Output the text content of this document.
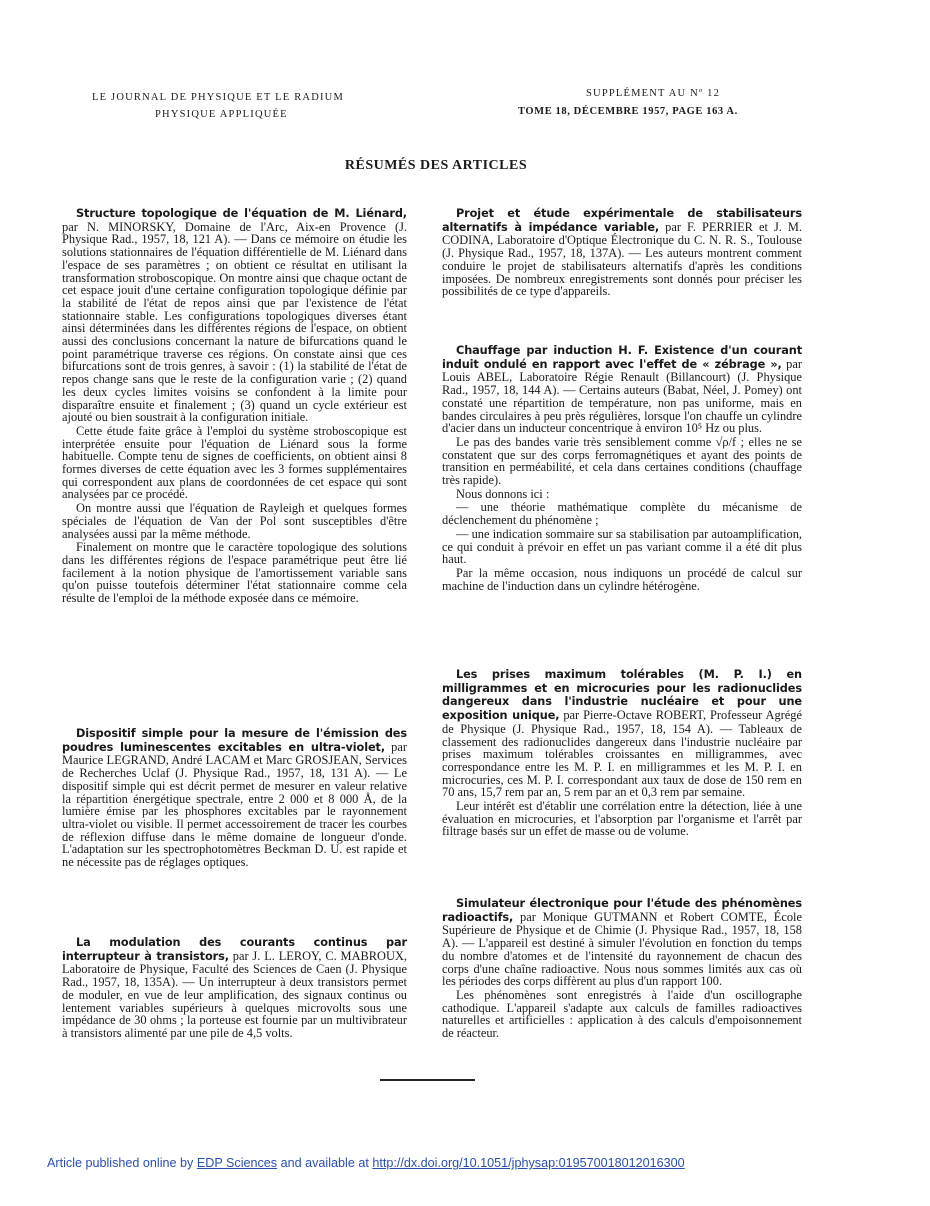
LE JOURNAL DE PHYSIQUE ET LE RADIUM
PHYSIQUE APPLIQUÉE
SUPPLÉMENT AU Nº 12
TOME 18, DÉCEMBRE 1957, PAGE 163 A.
RÉSUMÉS DES ARTICLES

Structure topologique de l'équation de M. Liénard, par N. MINORSKY, Domaine de l'Arc, Aix-en Provence (J. Physique Rad., 1957, 18, 121 A). — Dans ce mémoire on étudie les solutions stationnaires de l'équation différentielle de M. Liénard dans l'espace de ses paramètres ; on obtient ce résultat en utilisant la transformation stroboscopique. On montre ainsi que chaque octant de cet espace jouit d'une certaine configuration topologique définie par la stabilité de l'état de repos ainsi que par l'existence de l'état stationnaire stable. Les configurations topologiques diverses étant ainsi déterminées dans les différentes régions de l'espace, on obtient aussi des conclusions concernant la nature de bifurcations quand le point paramétrique traverse ces régions. On constate ainsi que ces bifurcations sont de trois genres, à savoir : (1) la stabilité de l'état de repos change sans que le reste de la configuration varie ; (2) quand les deux cycles limites voisins se confondent à la limite pour disparaître ensuite et finalement ; (3) quand un cycle extérieur est ajouté ou bien soustrait à la configuration initiale.

Cette étude faite grâce à l'emploi du système stroboscopique est interprétée ensuite pour l'équation de Liénard sous la forme habituelle. Compte tenu de signes de coefficients, on obtient ainsi 8 formes diverses de cette équation avec les 3 formes supplémentaires qui correspondent aux plans de coordonnées de cet espace qui sont analysées par ce procédé.

On montre aussi que l'équation de Rayleigh et quelques formes spéciales de l'équation de Van der Pol sont susceptibles d'être analysées aussi par la même méthode.

Finalement on montre que le caractère topologique des solutions dans les différentes régions de l'espace paramétrique peut être lié facilement à la notion physique de l'amortissement variable sans qu'on puisse toutefois déterminer l'état stationnaire comme cela résulte de l'emploi de la méthode exposée dans ce mémoire.

Dispositif simple pour la mesure de l'émission des poudres luminescentes excitables en ultra-violet, par Maurice LEGRAND, André LACAM et Marc GROSJEAN, Services de Recherches Uclaf (J. Physique Rad., 1957, 18, 131 A). — Le dispositif simple qui est décrit permet de mesurer en valeur relative la répartition énergétique spectrale, entre 2 000 et 8 000 Å, de la lumière émise par les phosphores excitables par le rayonnement ultra-violet ou visible. Il permet accessoirement de tracer les courbes de réflexion diffuse dans le même domaine de longueur d'onde. L'adaptation sur les spectrophotomètres Beckman D. U. est rapide et ne nécessite pas de réglages optiques.

La modulation des courants continus par interrupteur à transistors, par J. L. LEROY, C. MABROUX, Laboratoire de Physique, Faculté des Sciences de Caen (J. Physique Rad., 1957, 18, 135A). — Un interrupteur à deux transistors permet de moduler, en vue de leur amplification, des signaux continus ou lentement variables supérieurs à quelques microvolts sous une impédance de 30 ohms ; la porteuse est fournie par un multivibrateur à transistors alimenté par une pile de 4,5 volts.

Projet et étude expérimentale de stabilisateurs alternatifs à impédance variable, par F. PERRIER et J. M. CODINA, Laboratoire d'Optique Électronique du C. N. R. S., Toulouse (J. Physique Rad., 1957, 18, 137A). — Les auteurs montrent comment conduire le projet de stabilisateurs alternatifs d'après les conditions imposées. De nombreux enregistrements sont donnés pour préciser les possibilités de ce type d'appareils.

Chauffage par induction H. F. Existence d'un courant induit ondulé en rapport avec l'effet de « zébrage », par Louis ABEL, Laboratoire Régie Renault (Billancourt) (J. Physique Rad., 1957, 18, 144 A). — Certains auteurs (Babat, Néel, J. Pomey) ont constaté une répartition de température, non pas uniforme, mais en bandes circulaires à peu près régulières, lorsque l'on chauffe un cylindre d'acier dans un inducteur concentrique à environ 10⁵ Hz ou plus.

Le pas des bandes varie très sensiblement comme √ρ/f ; elles ne se constatent que sur des corps ferromagnétiques et ayant des points de transition en perméabilité, et cela dans certaines conditions (chauffage très rapide).

Nous donnons ici :

— une théorie mathématique complète du mécanisme de déclenchement du phénomène ;

— une indication sommaire sur sa stabilisation par autoamplification, ce qui conduit à prévoir en effet un pas variant comme il a été dit plus haut.

Par la même occasion, nous indiquons un procédé de calcul sur machine de l'induction dans un cylindre hétérogène.

Les prises maximum tolérables (M. P. I.) en milligrammes et en microcuries pour les radionuclides dangereux dans l'industrie nucléaire et pour une exposition unique, par Pierre-Octave ROBERT, Professeur Agrégé de Physique (J. Physique Rad., 1957, 18, 154 A). — Tableaux de classement des radionuclides dangereux dans l'industrie nucléaire par prises maximum tolérables croissantes en milligrammes, avec correspondance entre les M. P. I. en milligrammes et les M. P. I. en microcuries, ces M. P. I. correspondant aux taux de dose de 150 rem en 70 ans, 15,7 rem par an, 5 rem par an et 0,3 rem par semaine.

Leur intérêt est d'établir une corrélation entre la détection, liée à une évaluation en microcuries, et l'absorption par l'organisme et l'arrêt par filtrage basés sur un effet de masse ou de volume.

Simulateur électronique pour l'étude des phénomènes radioactifs, par Monique GUTMANN et Robert COMTE, École Supérieure de Physique et de Chimie (J. Physique Rad., 1957, 18, 158 A). — L'appareil est destiné à simuler l'évolution en fonction du temps du nombre d'atomes et de l'intensité du rayonnement de chacun des corps d'une chaîne radioactive. Nous nous sommes limités aux cas où les périodes des corps diffèrent au plus d'un rapport 100.

Les phénomènes sont enregistrés à l'aide d'un oscillographe cathodique. L'appareil s'adapte aux calculs de familles radioactives naturelles et artificielles : application à des calculs d'empoisonnement de réacteur.

Article published online by EDP Sciences and available at http://dx.doi.org/10.1051/jphysap:019570018012016300
